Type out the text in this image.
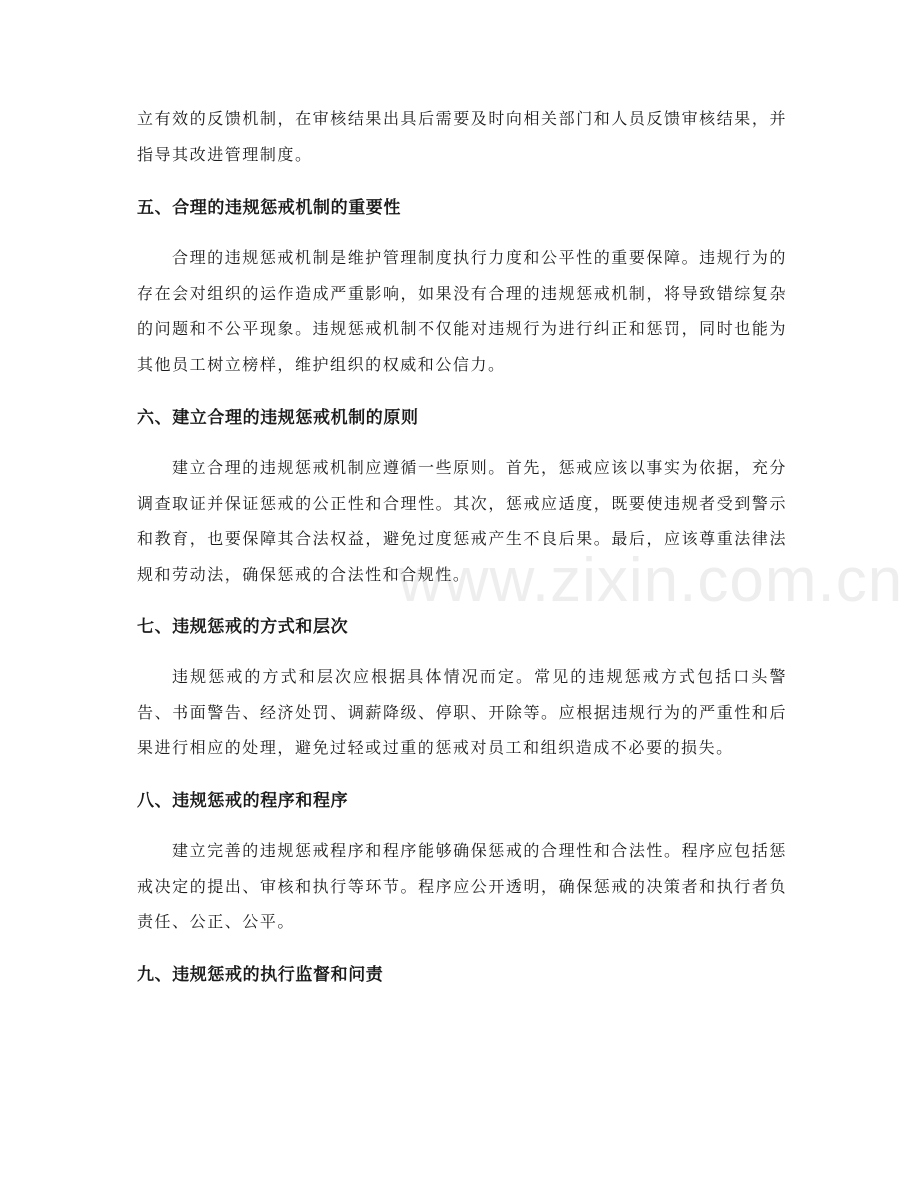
立有效的反馈机制，在审核结果出具后需要及时向相关部门和人员反馈审核结果，并指导其改进管理制度。

五、合理的违规惩戒机制的重要性

合理的违规惩戒机制是维护管理制度执行力度和公平性的重要保障。违规行为的存在会对组织的运作造成严重影响，如果没有合理的违规惩戒机制，将导致错综复杂的问题和不公平现象。违规惩戒机制不仅能对违规行为进行纠正和惩罚，同时也能为其他员工树立榜样，维护组织的权威和公信力。

六、建立合理的违规惩戒机制的原则

建立合理的违规惩戒机制应遵循一些原则。首先，惩戒应该以事实为依据，充分调查取证并保证惩戒的公正性和合理性。其次，惩戒应适度，既要使违规者受到警示和教育，也要保障其合法权益，避免过度惩戒产生不良后果。最后，应该尊重法律法规和劳动法，确保惩戒的合法性和合规性。

www.zixin.com.cn
七、违规惩戒的方式和层次

违规惩戒的方式和层次应根据具体情况而定。常见的违规惩戒方式包括口头警告、书面警告、经济处罚、调薪降级、停职、开除等。应根据违规行为的严重性和后果进行相应的处理，避免过轻或过重的惩戒对员工和组织造成不必要的损失。

八、违规惩戒的程序和程序

建立完善的违规惩戒程序和程序能够确保惩戒的合理性和合法性。程序应包括惩戒决定的提出、审核和执行等环节。程序应公开透明，确保惩戒的决策者和执行者负责任、公正、公平。

九、违规惩戒的执行监督和问责
